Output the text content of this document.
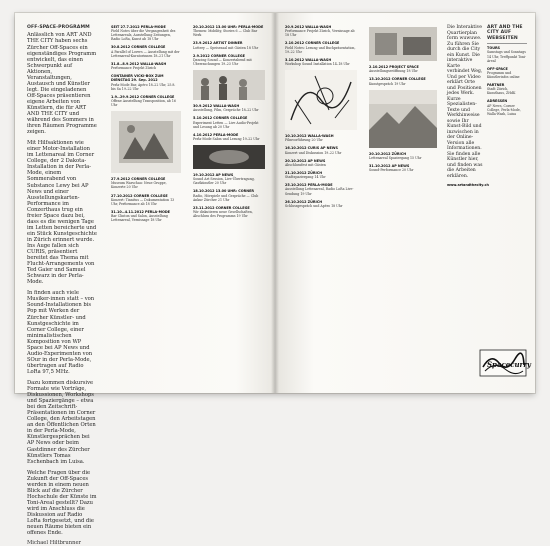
OFF-SPACE-PROGRAMM

Anlässlich von ART AND THE CITY haben sechs Zürcher Off-Spaces ein eigenständiges Programm entwickelt, das einen Schwerpunkt auf Aktionen, Veranstaltungen, Austausch und Künstler legt. Die eingeladenen Off-Spaces präsentieren eigene Arbeiten von Künstlern, die für ART AND THE CITY und während des Sommers in ihren Räumen Programme zeigen.

Mit Hilfsaktionen wie einer Motor-Installation im Lettenareal im Corner College, der 2 Dakota-Installation in der Perla-Mode, einem Sommerabend von Substance Lewy bei AP News und einer Ausstellungskarten-Performance im Conzerthaus trug ein freier Space dazu bei, dass es die wenigen Tage im Letten bereicherte und ein Stück Kunstgeschichte in Zürich erinnert wurde. Ins Auge fallen sich CURIS, präsentiert bereitet das Thema mit Flucht-Arrangements von Ted Gaier und Samuel Schwarz in der Perla-Mode.

In finden auch viele Musiker-innen statt – von Sound-Installationen bis Pop mit Werken der Zürcher Künstler- und Kunstgeschichte im Corner College, einer minimalistischen Komposition von WP Space bei AP News und Audio-Experimenten von SOur in der Perla-Mode, übertragen auf Radio LoRa 97,5 MHz.

Dazu kommen diskursive Formate wie Vorträge, Diskussionen, Workshops und Spaziergänge – etwa bei den Zeitschrift-Präsentationen im Corner College, den Arbeitstagen an den Öffentlichen Orten in der Perla-Mode, Künstlergesprächen bei AP News oder beim Gastdinner des Zürcher Künstlers Tomas Eschenbach im Luisa.

Welche Fragen über die Zukunft der Off-Spaces werden in einem neuen Blick auf die Zürcher Hochschule der Künste im Toni-Areal gestellt? Dazu wird im Anschluss die Diskussion auf Radio LoRa fortgesetzt, und die neuen Räume bieten ein offenes Ende.

Michael Hiltbrunner

SEIT 27.7.2012 PERLA-MODE

Field Notes über die Vergangenheit des Lettenareals, Ausstellung Zeitungen, Radio LoRa, Kunst ab 18 Uhr

30.8.2012 CORNER COLLEGE

A Parallel of Lovers — Ausstellung mit der Lettenareal-Kuratorinnen 18–21 Uhr

31.8.–8.9.2012 WALLA-WASH

Performance Projekt Zürich

CONTAINER VICKI-BOX ZUM DIENSTAG 29. Sep. 2012

Perla-Mode Bar, Apéro 18–22 Uhr, 25.8. bis Sa 19–22 Uhr

1.9.–29.9.2012 CORNER COLLEGE

Offene Ausstellung Transposition, ab 16 Uhr

27.9.2012 CORNER COLLEGE

Museum Warschau: Neue Gruppe, Konzerte 20 Uhr

27.10.2012 CORNER COLLEGE

Konzert: Tinnitus — Dokumentation 13 Uhr, Performance ab 18 Uhr

31.10.–4.11.2012 PERLA-MODE

Bar Clinton und Salon, Ausstellung Lettenareal, Vernissage 18 Uhr

20.10.2012 13.00 UHR: PERLA-MODE

Themen: Mobility, Stories 6 — Club Bar Werk

23.9.2012 ARTIST DINNER

Lottery — Speisesaal mit Gästen 18 Uhr

2.9.2012 CORNER COLLEGE

Dancing Sound — Konzertabend mit Überraschungen 19–23 Uhr

30.9.2012 WALLA-WASH

Ausstellung, Film, Gespräche 18–22 Uhr

5.10.2012 CORNER COLLEGE

Experiment Letten — Live Audio-Projekt und Lesung ab 20 Uhr

4.10.2012 PERLA-MODE

Perla-Mode Salon und Lesung 19–22 Uhr

19.10.2012 AP NEWS

Sound Art Session, Live-Übertragung, Gastkünstler 20 Uhr

18.10.2012 13.00 UHR: CORNER

Radio, Hörspiele und Gespräche — Club Ankur Zürcher 21 Uhr

23.11.2012 CORNER COLLEGE

Wir diskutieren neue Gesellschaften, Abschluss des Programms 19 Uhr

20.9.2012 WALLA-WASH

Performance Projekt Zürich, Vernissage ab 18 Uhr

2.10.2012 CORNER COLLEGE

Field Notes: Lesung und Buchpräsentation, 19–22 Uhr

3.10.2012 WALLA-WASH

Workshop Sound Installation 14–18 Uhr

10.10.2012 WALLA-WASH

Filmvorführung 20 Uhr

16.10.2012 CURIS AP NEWS

Konzert und Diskussion 19–22 Uhr

20.10.2012 AP NEWS

Abschlussfest mit Gästen

21.10.2012 ZÜRICH

Stadtspaziergang 14 Uhr

25.10.2012 PERLA-MODE

Ausstellung Lettenareal, Radio LoRa Live-Sendung 19 Uhr

26.10.2012 ZÜRICH

Schlussgespräch und Apéro 18 Uhr

2.10.2012 PROJECT SPACE

Ausstellungseröffnung 18 Uhr

13.10.2012 CORNER COLLEGE

Kunstgespräch 19 Uhr

20.10.2012 ZÜRICH

Lettenareal Spaziergang 15 Uhr

31.10.2012 AP NEWS

Sound-Performance 20 Uhr

Die Interaktive Quartierplan form wuwuwe. Zu führen Sie durch die City ein Kunst. Die interaktive Karte verbindet Weg, Und per Video erklärt Orte und Positionen jedes Werk. Kurze Spezialisten-Texte und Werkhinweise sowie Ihr Kunst-Bild und inzwischen in der Online-Version alle Informationen. Sie finden alle Künstler hier, und finden was die Arbeiten erklären.

www.artandthecity.ch

ART AND THE CITY AUF WEBSEITEN

TOURS

Samstags und Sonntags 14 Uhr, Treffpunkt Toni-Areal

OFF-SPACE

Programm und Künstlerinfos online

PARTNER

Stadt Zürich, Kunsthaus, ZHdK

ADRESSEN

AP News, Corner College, Perla-Mode, Walla-Wash, Luisa

Spacecurry
